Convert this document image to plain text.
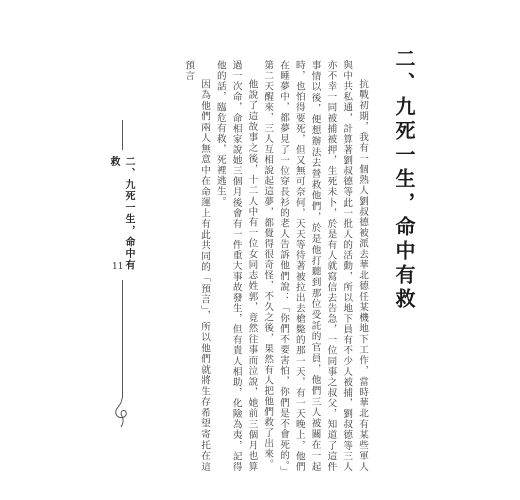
二、九死一生，命中有救

抗戰初期，我有一個熟人劉叔德被派去華北德任某機地下工作，當時華北有某些軍人與中共私通，計算著劉叔德等此一批人的活動，所以地下員有不少人被捕，劉叔德等三人亦不幸一同被捕被押，生死未卜，於是有人就寫信去告急，一位同事之叔父，知道了這件事情以後，便想辦法去營救他們，於是他打聽到那位受託的官員，他們三人被關在一起時，也怕得要死，但又無可奈何，天天等待著被拉出去槍斃的那一天，有一天晚上，他們在睡夢中，都夢見了一位穿長衫的老人告訴他們說：「你們不要害怕，你們是不會死的。」第二天醒來，三人互相說起這夢，都覺得很奇怪，不久之後，果然有人把他們救了出來。

他說了這故事之後，十二人中有一位女同志姓郭，竟然往事而泣說，她前三個月也算過一次命，命相家說她三個月後會有一件重大事故發生，但有貴人相助，化險為夷，記得他的話，臨危有救，死裡逃生。

因為他們兩人無意中在命運上有此共同的「預言」，所以他們就將生存希望寄托在這預言

二、九死一生，命中有救
11
